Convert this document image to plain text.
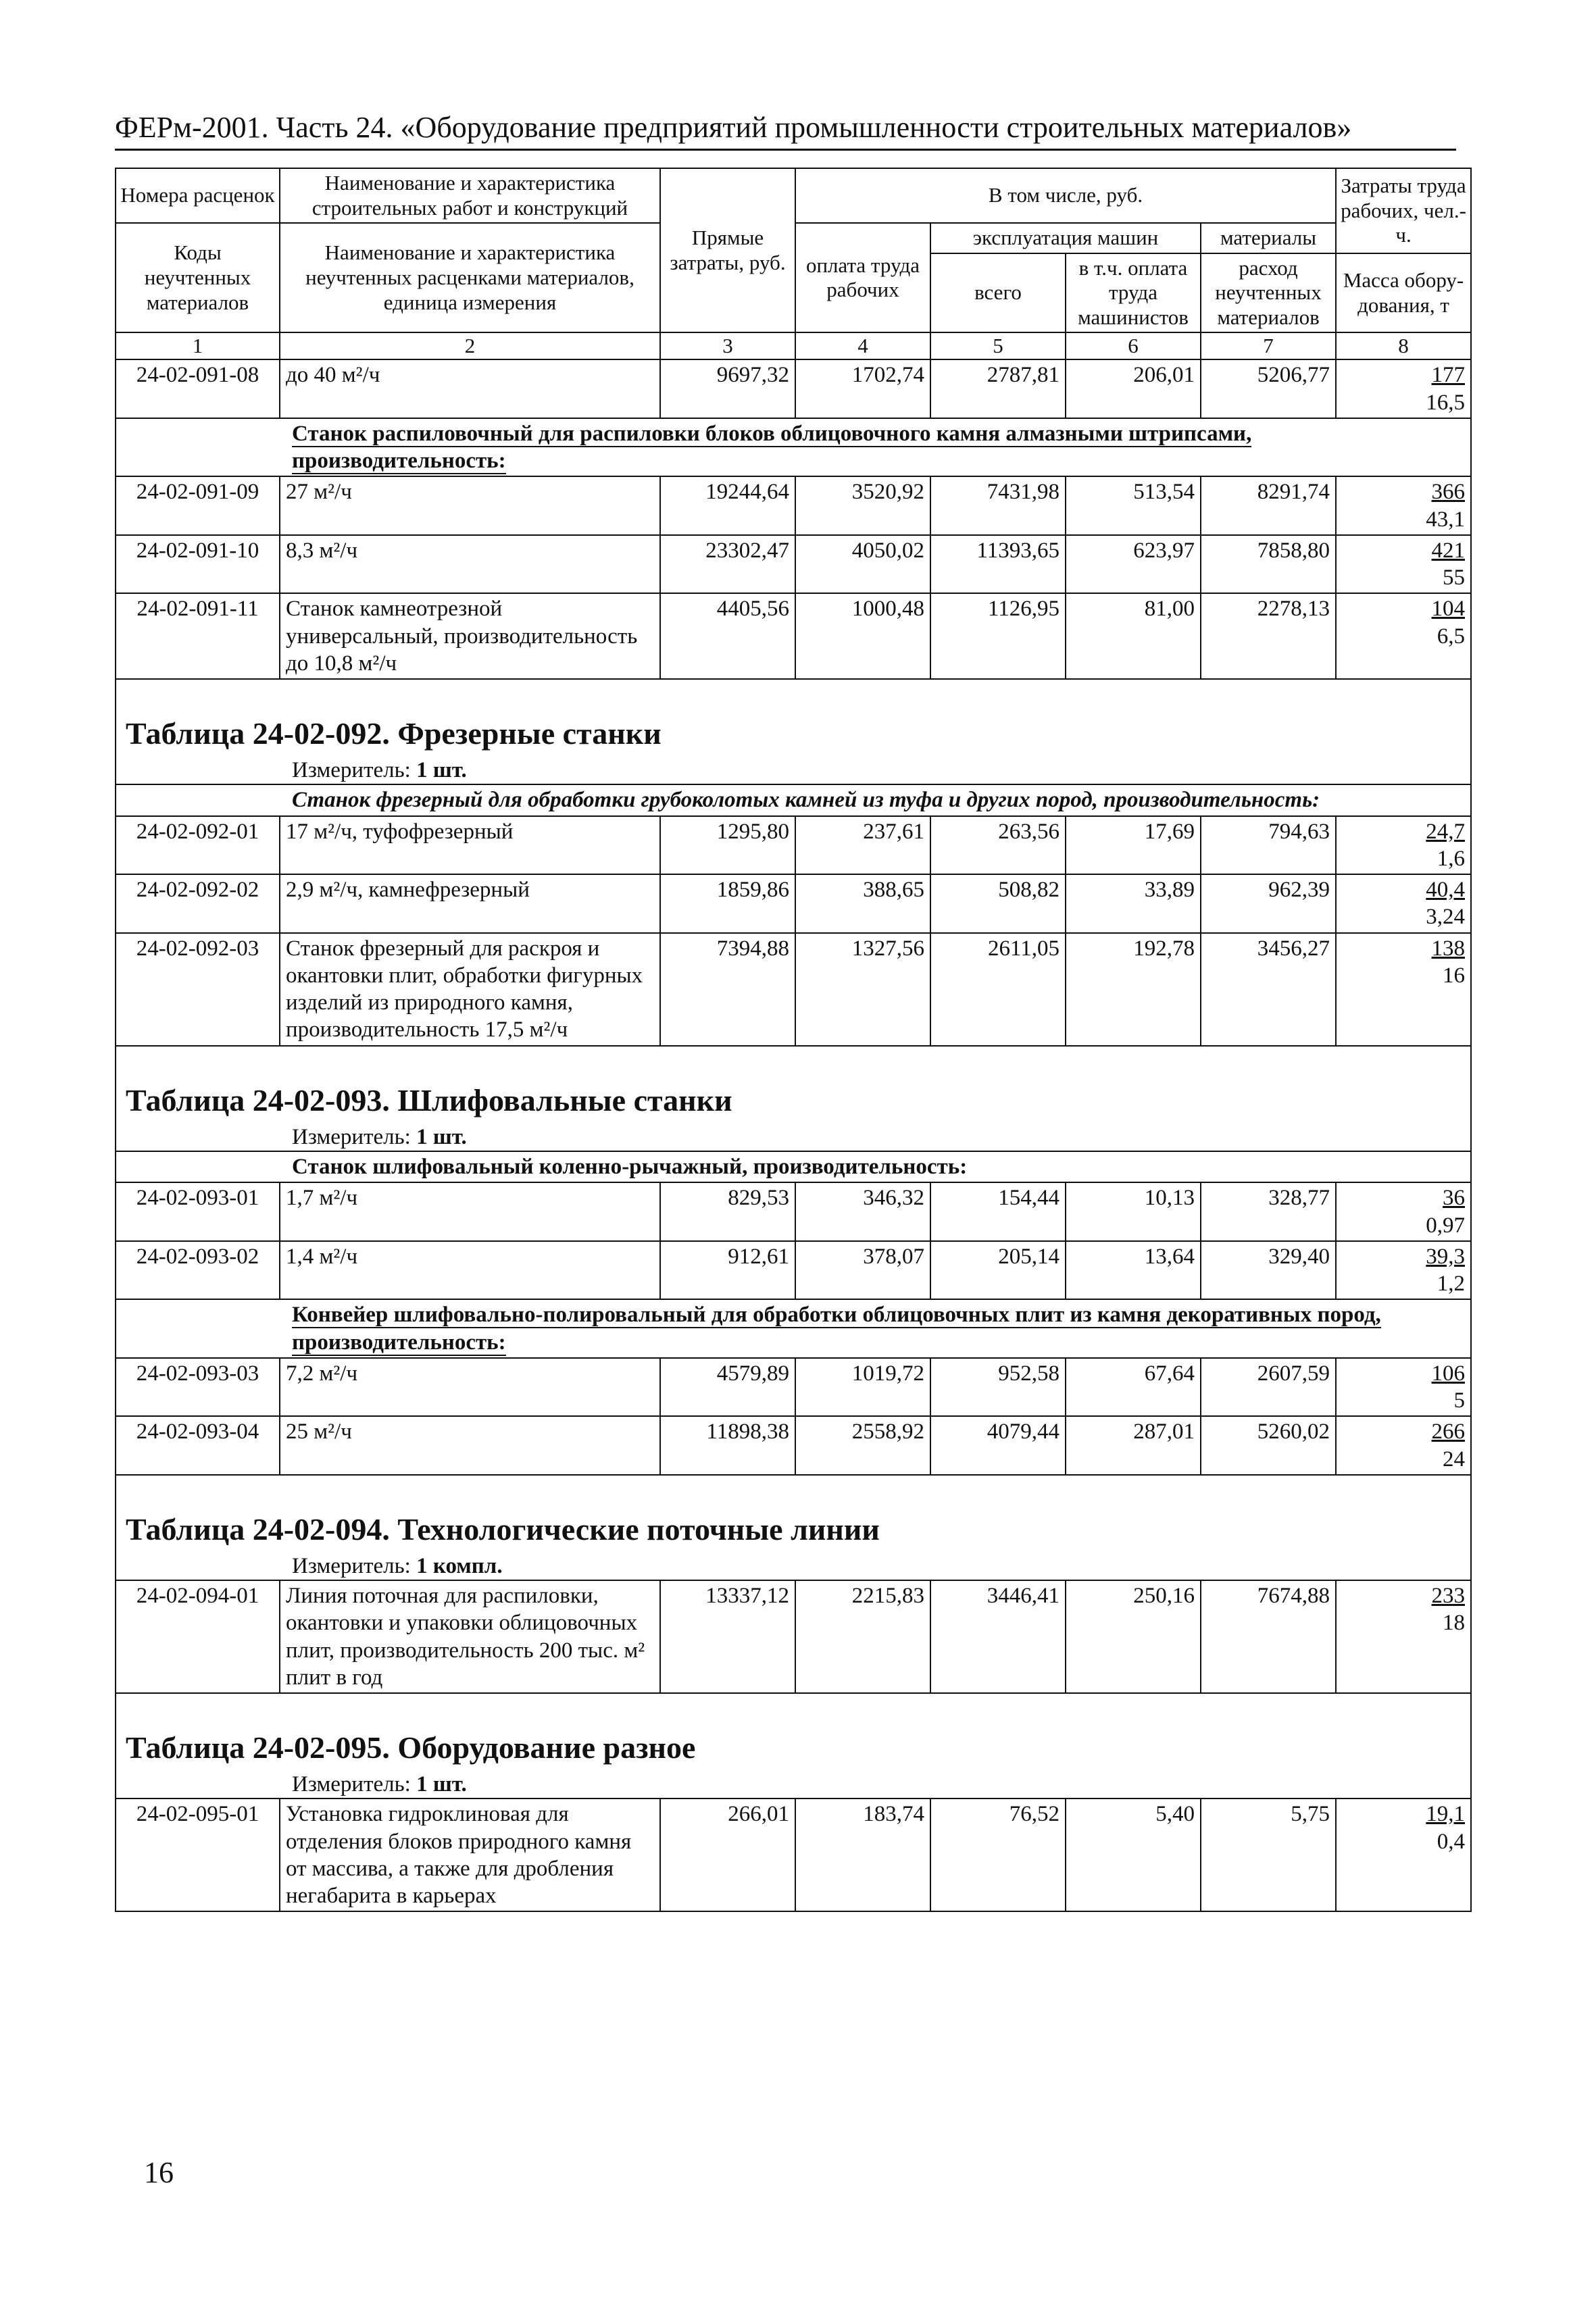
ФЕРм-2001. Часть 24. «Оборудование предприятий промышленности строительных материалов»
Номера расценок	Наименование и характеристика строительных работ и конструкций	Прямые затраты, руб.	В том числе, руб.				Затраты труда рабочих, чел.-ч.
Коды неучтенных материалов	Наименование и характеристика неучтенных расценками материалов, единица измерения		оплата труда рабочих	эксплуатация машин		материалы	
				всего	в т.ч. оплата труда машинистов	расход неучтенных материалов	
							Масса обору-дования, т
1	2	3	4	5	6	7	8
24-02-091-08	до 40 м²/ч	9697,32	1702,74	2787,81	206,01	5206,77	177
16,5

Станок распиловочный для распиловки блоков облицовочного камня алмазными штрипсами, производительность:							
24-02-091-09	27 м²/ч	19244,64	3520,92	7431,98	513,54	8291,74	366
43,1

24-02-091-10	8,3 м²/ч	23302,47	4050,02	11393,65	623,97	7858,80	421
55

24-02-091-11	Станок камнеотрезной универсальный, производительность до 10,8 м²/ч	4405,56	1000,48	1126,95	81,00	2278,13	104
6,5

Таблица 24-02-092. Фрезерные станки							
Измеритель: 1 шт.							
Станок фрезерный для обработки грубоколотых камней из туфа и других пород, производительность:							
24-02-092-01	17 м²/ч, туфофрезерный	1295,80	237,61	263,56	17,69	794,63	24,7
1,6

24-02-092-02	2,9 м²/ч, камнефрезерный	1859,86	388,65	508,82	33,89	962,39	40,4
3,24

24-02-092-03	Станок фрезерный для раскроя и окантовки плит, обработки фигурных изделий из природного камня, производительность 17,5 м²/ч	7394,88	1327,56	2611,05	192,78	3456,27	138
16

Таблица 24-02-093. Шлифовальные станки							
Измеритель: 1 шт.							
Станок шлифовальный коленно-рычажный, производительность:							
24-02-093-01	1,7 м²/ч	829,53	346,32	154,44	10,13	328,77	36
0,97

24-02-093-02	1,4 м²/ч	912,61	378,07	205,14	13,64	329,40	39,3
1,2

Конвейер шлифовально-полировальный для обработки облицовочных плит из камня декоративных пород, производительность:							
24-02-093-03	7,2 м²/ч	4579,89	1019,72	952,58	67,64	2607,59	106
5

24-02-093-04	25 м²/ч	11898,38	2558,92	4079,44	287,01	5260,02	266
24

Таблица 24-02-094. Технологические поточные линии							
Измеритель: 1 компл.							
24-02-094-01	Линия поточная для распиловки, окантовки и упаковки облицовочных плит, производительность 200 тыс. м² плит в год	13337,12	2215,83	3446,41	250,16	7674,88	233
18

Таблица 24-02-095. Оборудование разное							
Измеритель: 1 шт.							
24-02-095-01	Установка гидроклиновая для отделения блоков природного камня от массива, а также для дробления негабарита в карьерах	266,01	183,74	76,52	5,40	5,75	19,1
0,4
16
